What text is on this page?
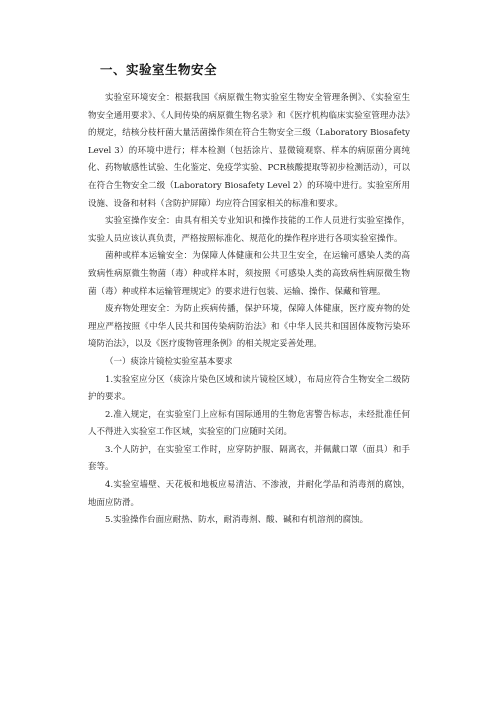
一、实验室生物安全

实验室环境安全：根据我国《病原微生物实验室生物安全管理条例》、《实验室生物安全通用要求》、《人间传染的病原微生物名录》和《医疗机构临床实验室管理办法》的规定，结核分枝杆菌大量活菌操作须在符合生物安全三级（Laboratory Biosafety Level 3）的环境中进行；样本检测（包括涂片、显微镜观察、样本的病原菌分离纯化、药物敏感性试验、生化鉴定、免疫学实验、PCR核酸提取等初步检测活动），可以在符合生物安全二级（Laboratory Biosafety Level 2）的环境中进行。实验室所用设施、设备和材料（含防护屏障）均应符合国家相关的标准和要求。

实验室操作安全：由具有相关专业知识和操作技能的工作人员进行实验室操作，实验人员应该认真负责，严格按照标准化、规范化的操作程序进行各项实验室操作。

菌种或样本运输安全：为保障人体健康和公共卫生安全，在运输可感染人类的高致病性病原微生物菌（毒）种或样本时，须按照《可感染人类的高致病性病原微生物菌（毒）种或样本运输管理规定》的要求进行包装、运输、操作、保藏和管理。

废弃物处理安全：为防止疾病传播，保护环境，保障人体健康，医疗废弃物的处理应严格按照《中华人民共和国传染病防治法》和《中华人民共和国固体废物污染环境防治法》，以及《医疗废物管理条例》的相关规定妥善处理。

（一）痰涂片镜检实验室基本要求

1.实验室应分区（痰涂片染色区域和读片镜检区域），布局应符合生物安全二级防护的要求。

2.准入规定，在实验室门上应标有国际通用的生物危害警告标志，未经批准任何人不得进入实验室工作区域，实验室的门应随时关闭。

3.个人防护，在实验室工作时，应穿防护服、隔离衣，并佩戴口罩（面具）和手套等。

4.实验室墙壁、天花板和地板应易清洁、不渗液，并耐化学品和消毒剂的腐蚀，地面应防滑。

5.实验操作台面应耐热、防水，耐消毒剂、酸、碱和有机溶剂的腐蚀。
